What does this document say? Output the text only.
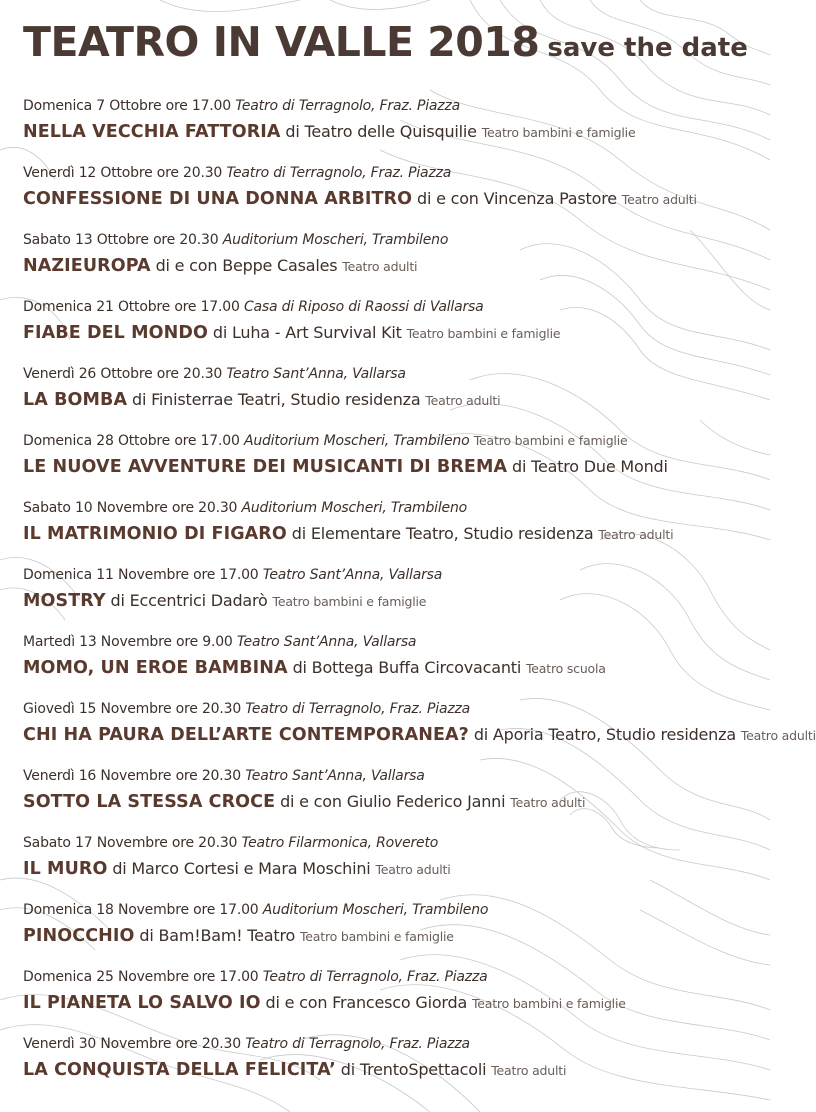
TEATRO IN VALLE 2018 save the date
Domenica 7 Ottobre ore 17.00 Teatro di Terragnolo, Fraz. Piazza
NELLA VECCHIA FATTORIA di Teatro delle Quisquilie Teatro bambini e famiglie
Venerdì 12 Ottobre ore 20.30 Teatro di Terragnolo, Fraz. Piazza
CONFESSIONE DI UNA DONNA ARBITRO di e con Vincenza Pastore Teatro adulti
Sabato 13 Ottobre ore 20.30 Auditorium Moscheri, Trambileno
NAZIEUROPA di e con Beppe Casales Teatro adulti
Domenica 21 Ottobre ore 17.00 Casa di Riposo di Raossi di Vallarsa
FIABE DEL MONDO di Luha - Art Survival Kit Teatro bambini e famiglie
Venerdì 26 Ottobre ore 20.30 Teatro Sant’Anna, Vallarsa
LA BOMBA di Finisterrae Teatri, Studio residenza Teatro adulti
Domenica 28 Ottobre ore 17.00 Auditorium Moscheri, Trambileno Teatro bambini e famiglie
LE NUOVE AVVENTURE DEI MUSICANTI DI BREMA di Teatro Due Mondi
Sabato 10 Novembre ore 20.30 Auditorium Moscheri, Trambileno
IL MATRIMONIO DI FIGARO di Elementare Teatro, Studio residenza Teatro adulti
Domenica 11 Novembre ore 17.00 Teatro Sant’Anna, Vallarsa
MOSTRY di Eccentrici Dadarò Teatro bambini e famiglie
Martedì 13 Novembre ore 9.00 Teatro Sant’Anna, Vallarsa
MOMO, UN EROE BAMBINA di Bottega Buffa Circovacanti Teatro scuola
Giovedì 15 Novembre ore 20.30 Teatro di Terragnolo, Fraz. Piazza
CHI HA PAURA DELL’ARTE CONTEMPORANEA? di Aporia Teatro, Studio residenza Teatro adulti
Venerdì 16 Novembre ore 20.30 Teatro Sant’Anna, Vallarsa
SOTTO LA STESSA CROCE di e con Giulio Federico Janni Teatro adulti
Sabato 17 Novembre ore 20.30 Teatro Filarmonica, Rovereto
IL MURO di Marco Cortesi e Mara Moschini Teatro adulti
Domenica 18 Novembre ore 17.00 Auditorium Moscheri, Trambileno
PINOCCHIO di Bam!Bam! Teatro Teatro bambini e famiglie
Domenica 25 Novembre ore 17.00 Teatro di Terragnolo, Fraz. Piazza
IL PIANETA LO SALVO IO di e con Francesco Giorda Teatro bambini e famiglie
Venerdì 30 Novembre ore 20.30 Teatro di Terragnolo, Fraz. Piazza
LA CONQUISTA DELLA FELICITA’ di TrentoSpettacoli Teatro adulti
